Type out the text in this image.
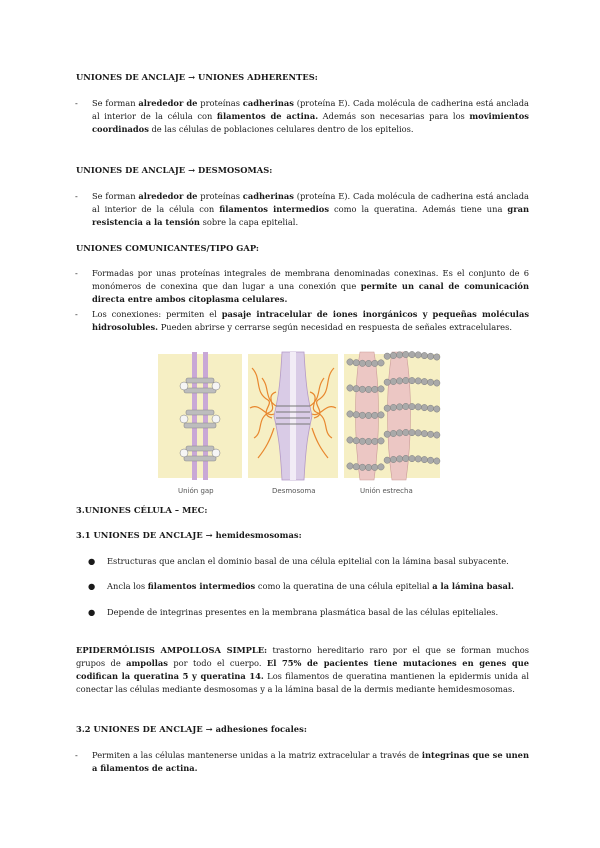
UNIONES DE ANCLAJE → UNIONES ADHERENTES:
- Se forman alrededor de proteínas cadherinas (proteína E). Cada molécula de cadherina está anclada al interior de la célula con filamentos de actina. Además son necesarias para los movimientos coordinados de las células de poblaciones celulares dentro de los epitelios.

UNIONES DE ANCLAJE → DESMOSOMAS:
- Se forman alrededor de proteínas cadherinas (proteína E). Cada molécula de cadherina está anclada al interior de la célula con filamentos intermedios como la queratina. Además tiene una gran resistencia a la tensión sobre la capa epitelial.

UNIONES COMUNICANTES/TIPO GAP:
- Formadas por unas proteínas integrales de membrana denominadas conexinas. Es el conjunto de 6 monómeros de conexina que dan lugar a una conexión que permite un canal de comunicación directa entre ambos citoplasma celulares.

- Los conexiones: permiten el pasaje intracelular de iones inorgánicos y pequeñas moléculas hidrosolubles. Pueden abrirse y cerrarse según necesidad en respuesta de señales extracelulares.

Unión gap	Desmosoma	Unión estrecha
3.UNIONES CÉLULA – MEC:
3.1 UNIONES DE ANCLAJE → hemidesmosomas:
● Estructuras que anclan el dominio basal de una célula epitelial con la lámina basal subyacente.

● Ancla los filamentos intermedios como la queratina de una célula epitelial a la lámina basal.

● Depende de integrinas presentes en la membrana plasmática basal de las células epiteliales.

EPIDERMÓLISIS AMPOLLOSA SIMPLE: trastorno hereditario raro por el que se forman muchos grupos de ampollas por todo el cuerpo. El 75% de pacientes tiene mutaciones en genes que codifican la queratina 5 y queratina 14. Los filamentos de queratina mantienen la epidermis unida al conectar las células mediante desmosomas y a la lámina basal de la dermis mediante hemidesmosomas.
3.2 UNIONES DE ANCLAJE → adhesiones focales:
- Permiten a las células mantenerse unidas a la matriz extracelular a través de integrinas que se unen a filamentos de actina.
